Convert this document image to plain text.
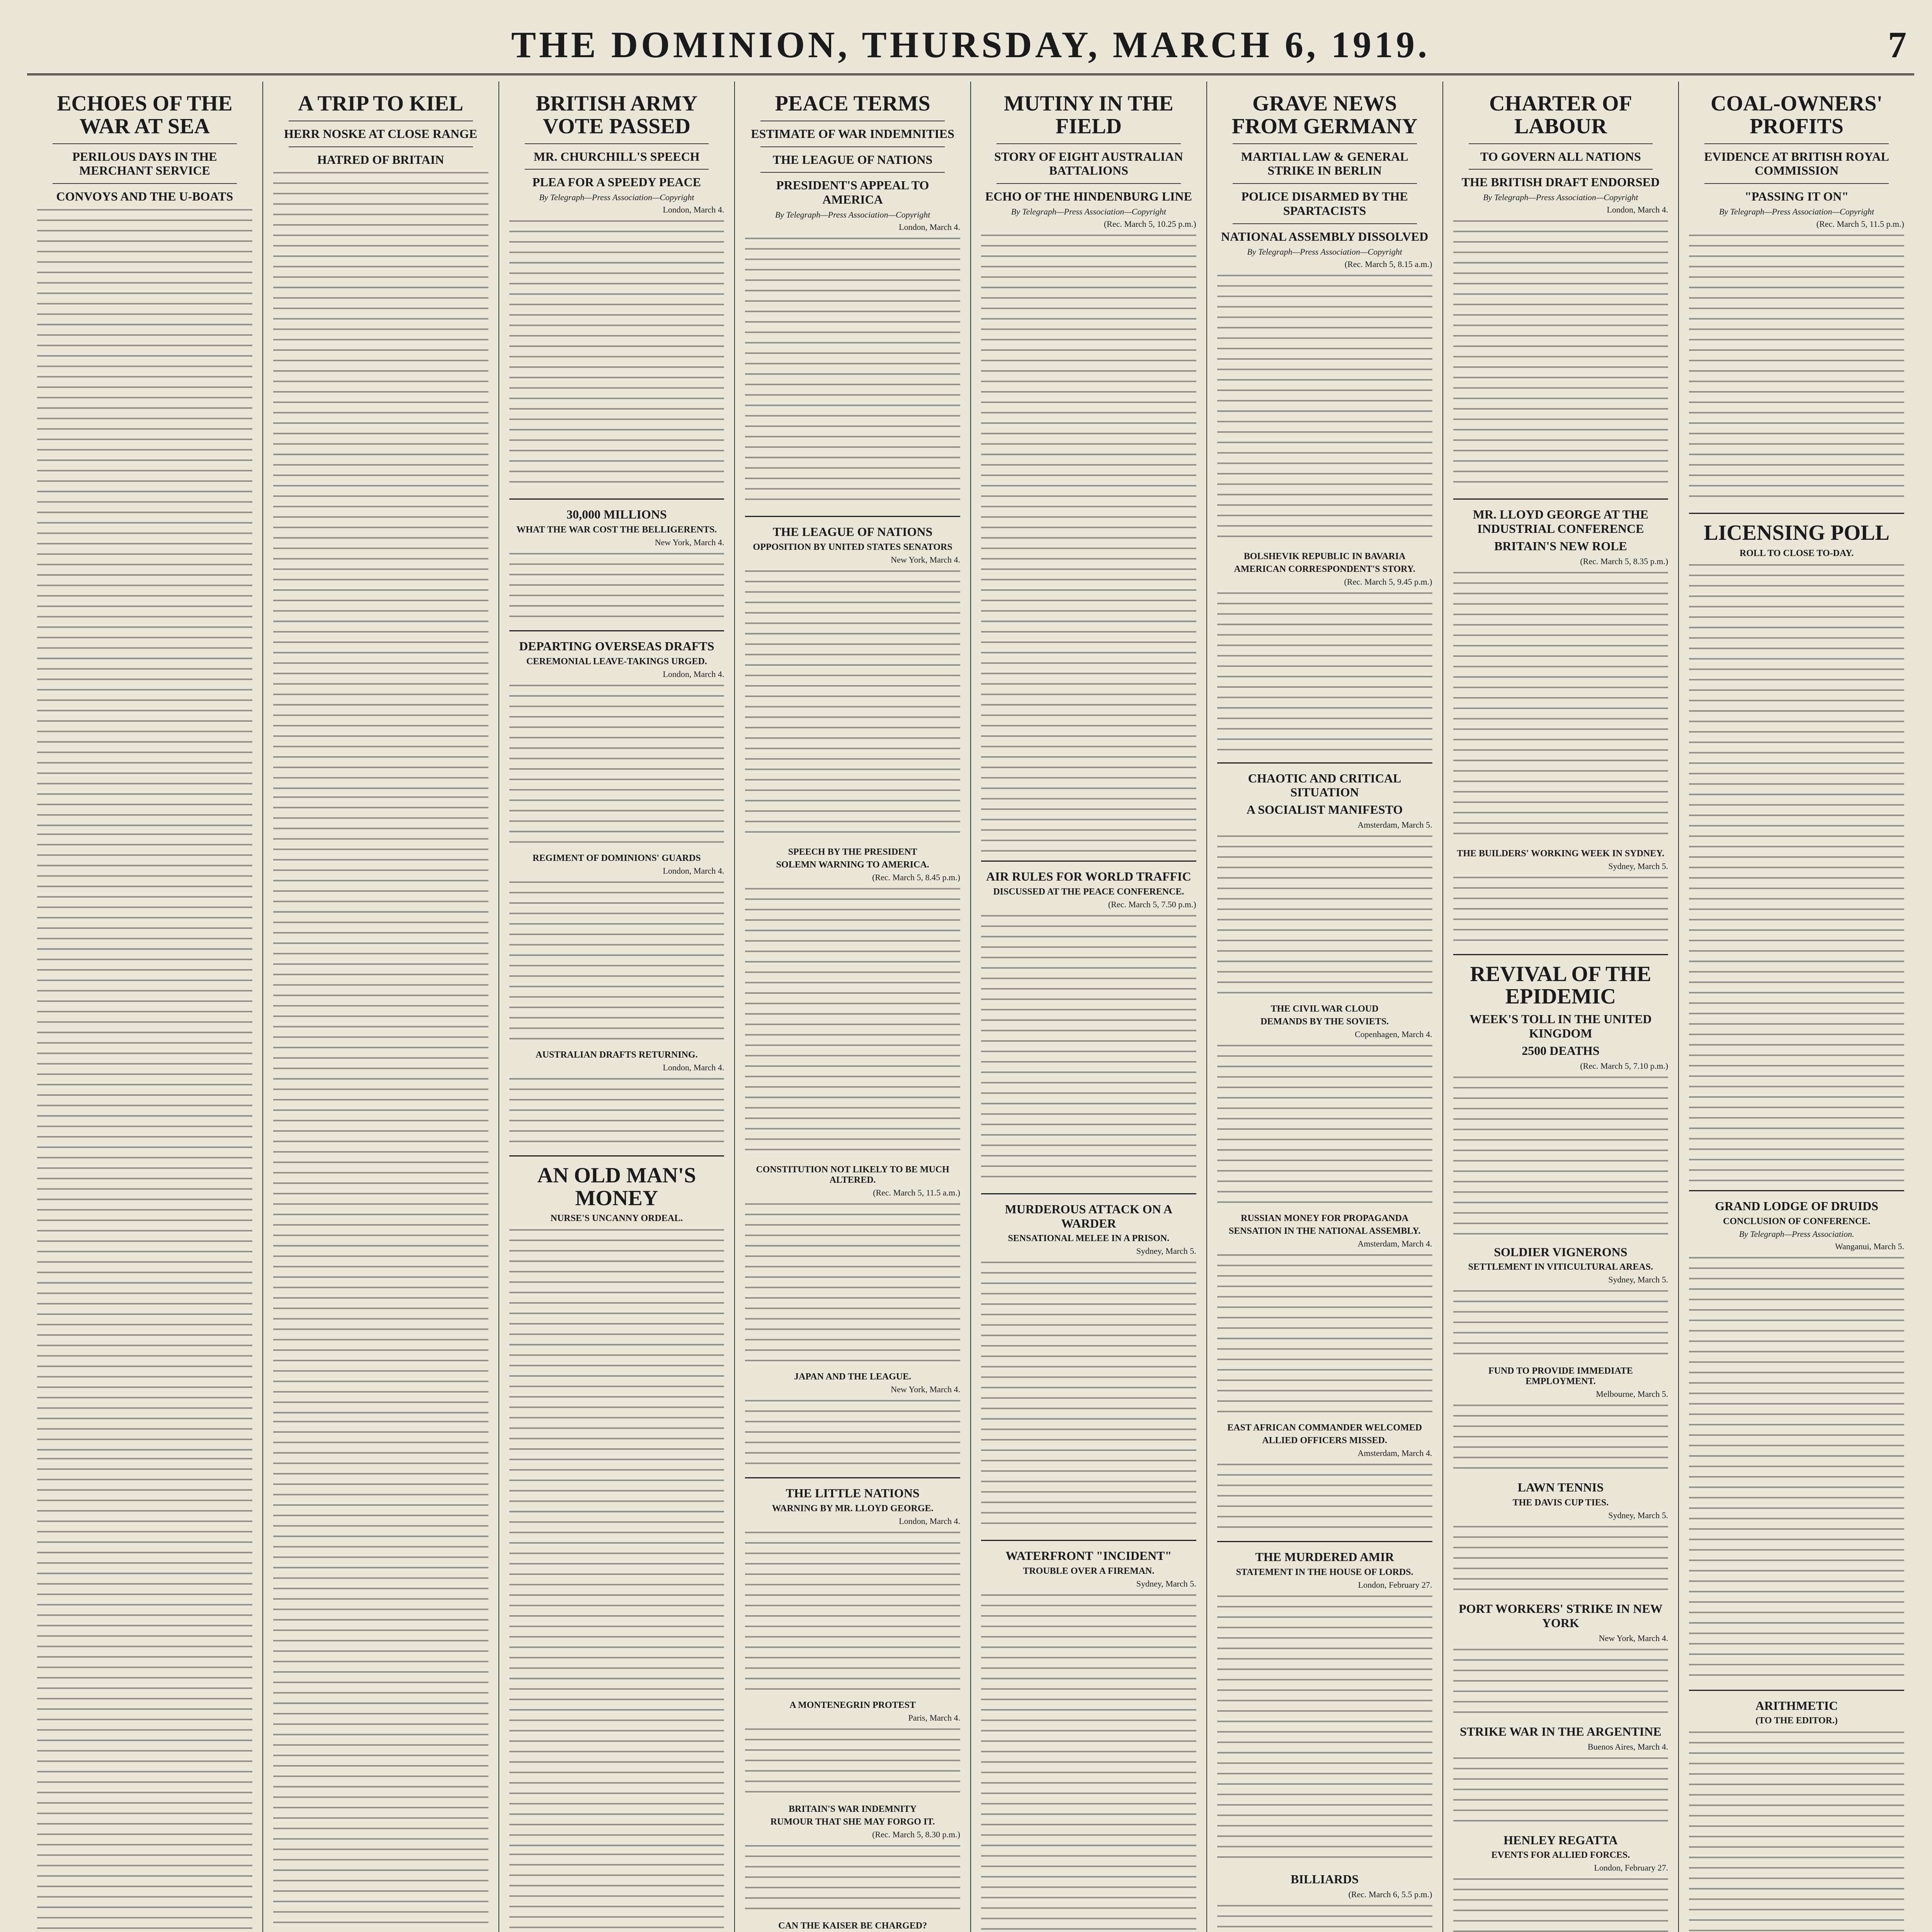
THE DOMINION, THURSDAY, MARCH 6, 1919.	7
ECHOES OF THE WAR AT SEA
PERILOUS DAYS IN THE MERCHANT SERVICE
CONVOYS AND THE U-BOATS
A TRIP TO KIEL
HERR NOSKE AT CLOSE RANGE
HATRED OF BRITAIN
BRITISH ARMY VOTE PASSED
MR. CHURCHILL'S SPEECH
PLEA FOR A SPEEDY PEACE
By Telegraph—Press Association—Copyright
London, March 4.
30,000 MILLIONS
WHAT THE WAR COST THE BELLIGERENTS.
New York, March 4.
DEPARTING OVERSEAS DRAFTS
CEREMONIAL LEAVE-TAKINGS URGED.
London, March 4.
REGIMENT OF DOMINIONS' GUARDS
London, March 4.
AUSTRALIAN DRAFTS RETURNING.
London, March 4.
AN OLD MAN'S MONEY
NURSE'S UNCANNY ORDEAL.
PEACE TERMS
ESTIMATE OF WAR INDEMNITIES
THE LEAGUE OF NATIONS
PRESIDENT'S APPEAL TO AMERICA
By Telegraph—Press Association—Copyright
London, March 4.
THE LEAGUE OF NATIONS
OPPOSITION BY UNITED STATES SENATORS
New York, March 4.
SPEECH BY THE PRESIDENT
SOLEMN WARNING TO AMERICA.
(Rec. March 5, 8.45 p.m.)
CONSTITUTION NOT LIKELY TO BE MUCH ALTERED.
(Rec. March 5, 11.5 a.m.)
JAPAN AND THE LEAGUE.
New York, March 4.
THE LITTLE NATIONS
WARNING BY MR. LLOYD GEORGE.
London, March 4.
A MONTENEGRIN PROTEST
Paris, March 4.
BRITAIN'S WAR INDEMNITY
RUMOUR THAT SHE MAY FORGO IT.
(Rec. March 5, 8.30 p.m.)
CAN THE KAISER BE CHARGED?
MUTINY IN THE FIELD
STORY OF EIGHT AUSTRALIAN BATTALIONS
ECHO OF THE HINDENBURG LINE
By Telegraph—Press Association—Copyright
(Rec. March 5, 10.25 p.m.)
AIR RULES FOR WORLD TRAFFIC
DISCUSSED AT THE PEACE CONFERENCE.
(Rec. March 5, 7.50 p.m.)
MURDEROUS ATTACK ON A WARDER
SENSATIONAL MELEE IN A PRISON.
Sydney, March 5.
WATERFRONT "INCIDENT"
TROUBLE OVER A FIREMAN.
Sydney, March 5.
GRAVE NEWS FROM GERMANY
MARTIAL LAW & GENERAL STRIKE IN BERLIN
POLICE DISARMED BY THE SPARTACISTS
NATIONAL ASSEMBLY DISSOLVED
By Telegraph—Press Association—Copyright
(Rec. March 5, 8.15 a.m.)
BOLSHEVIK REPUBLIC IN BAVARIA
AMERICAN CORRESPONDENT'S STORY.
(Rec. March 5, 9.45 p.m.)
CHAOTIC AND CRITICAL SITUATION
A SOCIALIST MANIFESTO
Amsterdam, March 5.
THE CIVIL WAR CLOUD
DEMANDS BY THE SOVIETS.
Copenhagen, March 4.
RUSSIAN MONEY FOR PROPAGANDA
SENSATION IN THE NATIONAL ASSEMBLY.
Amsterdam, March 4.
EAST AFRICAN COMMANDER WELCOMED
ALLIED OFFICERS MISSED.
Amsterdam, March 4.
THE MURDERED AMIR
STATEMENT IN THE HOUSE OF LORDS.
London, February 27.
BILLIARDS
(Rec. March 6, 5.5 p.m.)
CHARTER OF LABOUR
TO GOVERN ALL NATIONS
THE BRITISH DRAFT ENDORSED
By Telegraph—Press Association—Copyright
London, March 4.
MR. LLOYD GEORGE AT THE INDUSTRIAL CONFERENCE
BRITAIN'S NEW ROLE
(Rec. March 5, 8.35 p.m.)
THE BUILDERS' WORKING WEEK IN SYDNEY.
Sydney, March 5.
REVIVAL OF THE EPIDEMIC
WEEK'S TOLL IN THE UNITED KINGDOM
2500 DEATHS
(Rec. March 5, 7.10 p.m.)
SOLDIER VIGNERONS
SETTLEMENT IN VITICULTURAL AREAS.
Sydney, March 5.
FUND TO PROVIDE IMMEDIATE EMPLOYMENT.
Melbourne, March 5.
LAWN TENNIS
THE DAVIS CUP TIES.
Sydney, March 5.
PORT WORKERS' STRIKE IN NEW YORK
New York, March 4.
STRIKE WAR IN THE ARGENTINE
Buenos Aires, March 4.
HENLEY REGATTA
EVENTS FOR ALLIED FORCES.
London, February 27.
COAL-OWNERS' PROFITS
EVIDENCE AT BRITISH ROYAL COMMISSION
"PASSING IT ON"
By Telegraph—Press Association—Copyright
(Rec. March 5, 11.5 p.m.)
LICENSING POLL
ROLL TO CLOSE TO-DAY.
GRAND LODGE OF DRUIDS
CONCLUSION OF CONFERENCE.
By Telegraph—Press Association.
Wanganui, March 5.
ARITHMETIC
(TO THE EDITOR.)
